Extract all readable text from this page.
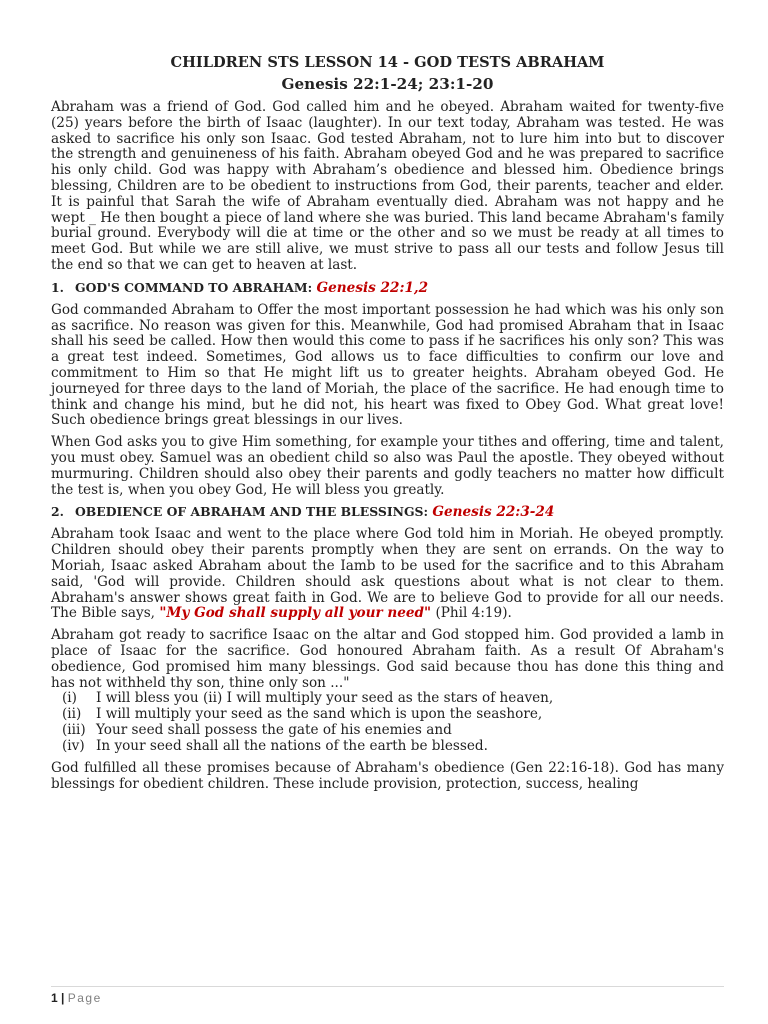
CHILDREN STS LESSON 14 - GOD TESTS ABRAHAM
Genesis 22:1-24; 23:1-20

Abraham was a friend of God. God called him and he obeyed. Abraham waited for twenty-five (25) years before the birth of Isaac (laughter). In our text today, Abraham was tested. He was asked to sacrifice his only son Isaac. God tested Abraham, not to lure him into but to discover the strength and genuineness of his faith. Abraham obeyed God and he was prepared to sacrifice his only child. God was happy with Abraham’s obedience and blessed him. Obedience brings blessing, Children are to be obedient to instructions from God, their parents, teacher and elder. It is painful that Sarah the wife of Abraham eventually died. Abraham was not happy and he wept _ He then bought a piece of land where she was buried. This land became Abraham's family burial ground. Everybody will die at time or the other and so we must be ready at all times to meet God. But while we are still alive, we must strive to pass all our tests and follow Jesus till the end so that we can get to heaven at last.

1. GOD'S COMMAND TO ABRAHAM: Genesis 22:1,2

God commanded Abraham to Offer the most important possession he had which was his only son as sacrifice. No reason was given for this. Meanwhile, God had promised Abraham that in Isaac shall his seed be called. How then would this come to pass if he sacrifices his only son? This was a great test indeed. Sometimes, God allows us to face difficulties to confirm our love and commitment to Him so that He might lift us to greater heights. Abraham obeyed God. He journeyed for three days to the land of Moriah, the place of the sacrifice. He had enough time to think and change his mind, but he did not, his heart was fixed to Obey God. What great love! Such obedience brings great blessings in our lives.

When God asks you to give Him something, for example your tithes and offering, time and talent, you must obey. Samuel was an obedient child so also was Paul the apostle. They obeyed without murmuring. Children should also obey their parents and godly teachers no matter how difficult the test is, when you obey God, He will bless you greatly.

2. OBEDIENCE OF ABRAHAM AND THE BLESSINGS: Genesis 22:3-24

Abraham took Isaac and went to the place where God told him in Moriah. He obeyed promptly. Children should obey their parents promptly when they are sent on errands. On the way to Moriah, Isaac asked Abraham about the Iamb to be used for the sacrifice and to this Abraham said, 'God will provide. Children should ask questions about what is not clear to them. Abraham's answer shows great faith in God. We are to believe God to provide for all our needs. The Bible says, "My God shall supply all your need" (Phil 4:19).

Abraham got ready to sacrifice Isaac on the altar and God stopped him. God provided a lamb in place of Isaac for the sacrifice. God honoured Abraham faith. As a result Of Abraham's obedience, God promised him many blessings. God said because thou has done this thing and has not withheld thy son, thine only son ..."

(i) I will bless you (ii) I will multiply your seed as the stars of heaven,
(ii) I will multiply your seed as the sand which is upon the seashore,
(iii) Your seed shall possess the gate of his enemies and
(iv) In your seed shall all the nations of the earth be blessed.

God fulfilled all these promises because of Abraham's obedience (Gen 22:16-18). God has many blessings for obedient children. These include provision, protection, success, healing

1 | Page
